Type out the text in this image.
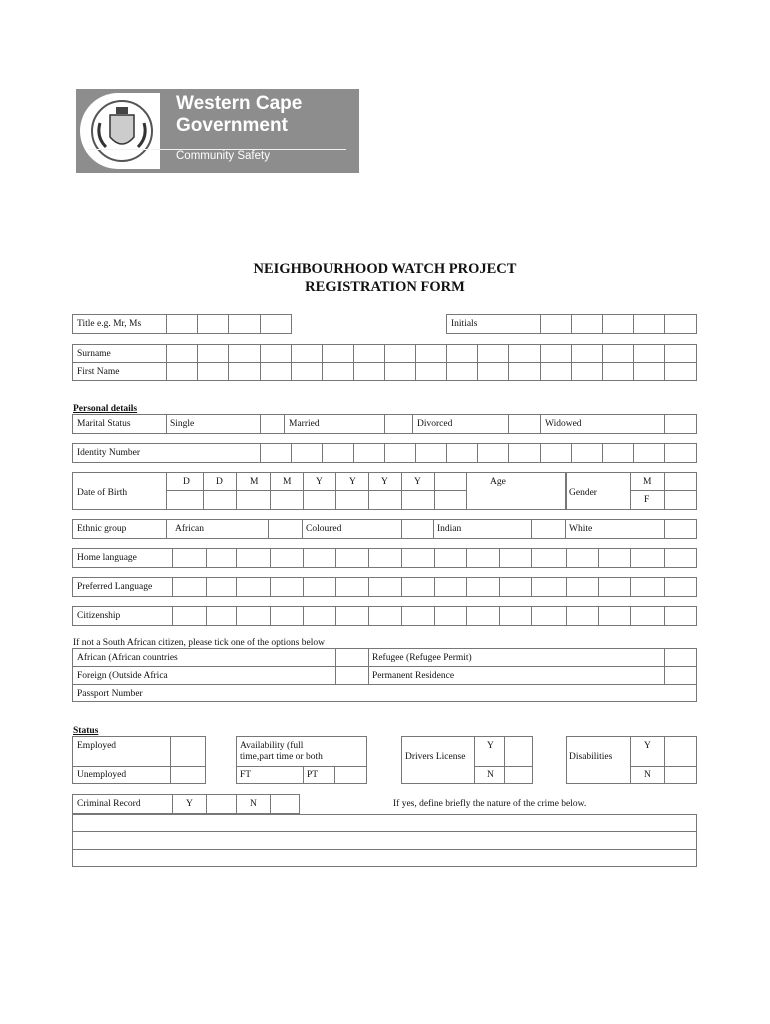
Western Cape
Government
Community Safety
NEIGHBOURHOOD WATCH PROJECT
REGISTRATION FORM
Title e.g. Mr, Ms	Initials
Surname
First Name
Personal details
Marital Status	Single	Married	Divorced	Widowed
Identity Number
Date of Birth
D	D	M	M	Y	Y	Y	Y	Age
Gender
M
F
Ethnic group	African	Coloured	Indian	White
Home language
Preferred Language
Citizenship
If not a South African citizen, please tick one of the options below
African (African countries	Refugee (Refugee Permit)
Foreign (Outside Africa	Permanent Residence
Passport Number
Status
Employed
Unemployed
Availability (full
time,part time or both
FT	PT
Drivers License
Y
N
Disabilities
Y
N
Criminal Record	Y	N	If yes, define briefly the nature of the crime below.
